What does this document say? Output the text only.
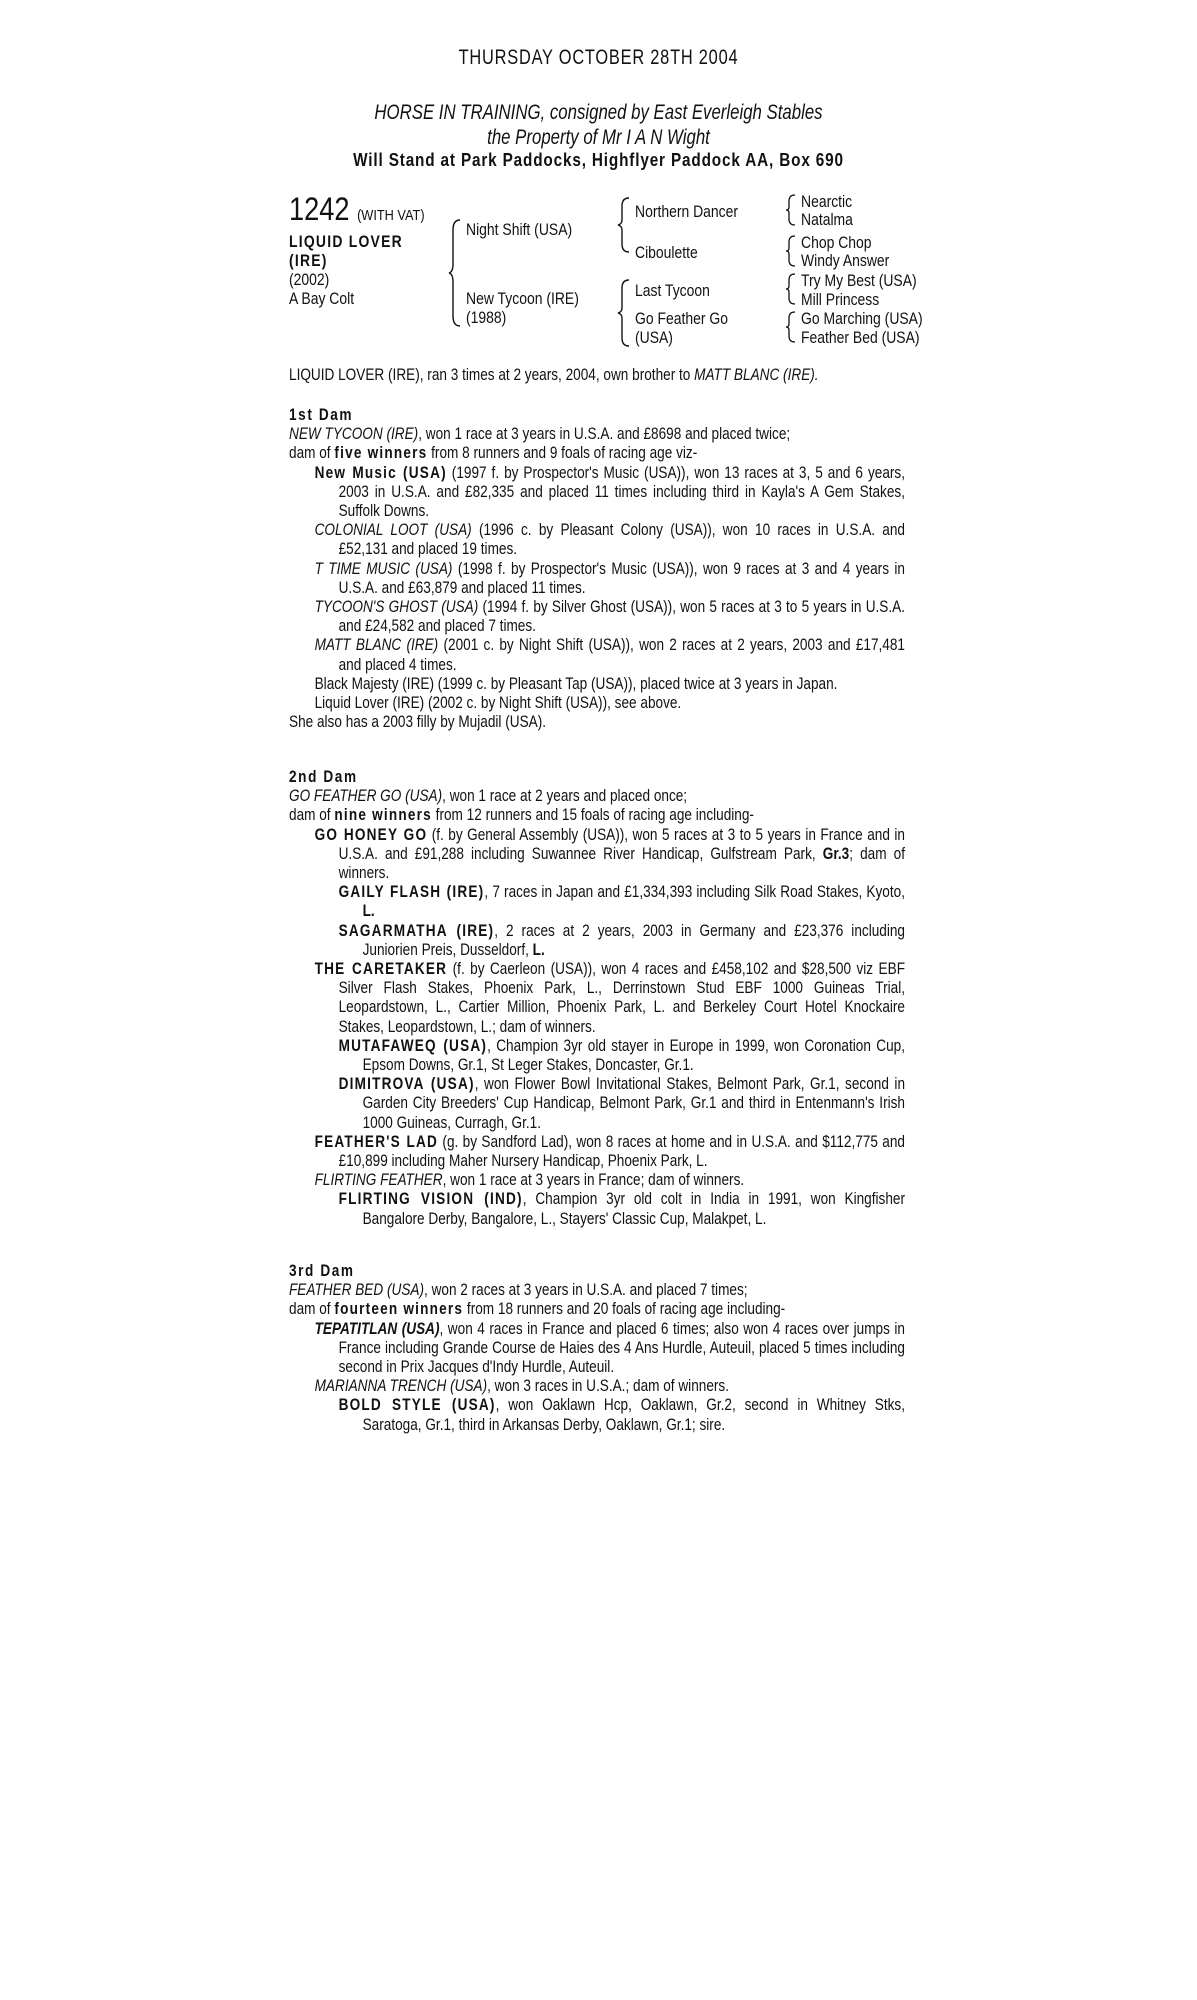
THURSDAY OCTOBER 28TH 2004
HORSE IN TRAINING, consigned by East Everleigh Stables
the Property of Mr I A N Wight
Will Stand at Park Paddocks, Highflyer Paddock AA, Box 690
1242 (WITH VAT)
LIQUID LOVER
(IRE)
(2002)
A Bay Colt
Night Shift (USA)
New Tycoon (IRE)
(1988)
Northern Dancer
Ciboulette
Last Tycoon
Go Feather Go
(USA)
Nearctic
Natalma
Chop Chop
Windy Answer
Try My Best (USA)
Mill Princess
Go Marching (USA)
Feather Bed (USA)
LIQUID LOVER (IRE), ran 3 times at 2 years, 2004, own brother to MATT BLANC (IRE).

1st Dam

NEW TYCOON (IRE), won 1 race at 3 years in U.S.A. and £8698 and placed twice;

dam of five winners from 8 runners and 9 foals of racing age viz-

New Music (USA) (1997 f. by Prospector's Music (USA)), won 13 races at 3, 5 and 6 years, 2003 in U.S.A. and £82,335 and placed 11 times including third in Kayla's A Gem Stakes, Suffolk Downs.

COLONIAL LOOT (USA) (1996 c. by Pleasant Colony (USA)), won 10 races in U.S.A. and £52,131 and placed 19 times.

T TIME MUSIC (USA) (1998 f. by Prospector's Music (USA)), won 9 races at 3 and 4 years in U.S.A. and £63,879 and placed 11 times.

TYCOON'S GHOST (USA) (1994 f. by Silver Ghost (USA)), won 5 races at 3 to 5 years in U.S.A. and £24,582 and placed 7 times.

MATT BLANC (IRE) (2001 c. by Night Shift (USA)), won 2 races at 2 years, 2003 and £17,481 and placed 4 times.

Black Majesty (IRE) (1999 c. by Pleasant Tap (USA)), placed twice at 3 years in Japan.

Liquid Lover (IRE) (2002 c. by Night Shift (USA)), see above.

She also has a 2003 filly by Mujadil (USA).

2nd Dam

GO FEATHER GO (USA), won 1 race at 2 years and placed once;

dam of nine winners from 12 runners and 15 foals of racing age including-

GO HONEY GO (f. by General Assembly (USA)), won 5 races at 3 to 5 years in France and in U.S.A. and £91,288 including Suwannee River Handicap, Gulfstream Park, Gr.3; dam of winners.

GAILY FLASH (IRE), 7 races in Japan and £1,334,393 including Silk Road Stakes, Kyoto, L.

SAGARMATHA (IRE), 2 races at 2 years, 2003 in Germany and £23,376 including Juniorien Preis, Dusseldorf, L.

THE CARETAKER (f. by Caerleon (USA)), won 4 races and £458,102 and $28,500 viz EBF Silver Flash Stakes, Phoenix Park, L., Derrinstown Stud EBF 1000 Guineas Trial, Leopardstown, L., Cartier Million, Phoenix Park, L. and Berkeley Court Hotel Knockaire Stakes, Leopardstown, L.; dam of winners.

MUTAFAWEQ (USA), Champion 3yr old stayer in Europe in 1999, won Coronation Cup, Epsom Downs, Gr.1, St Leger Stakes, Doncaster, Gr.1.

DIMITROVA (USA), won Flower Bowl Invitational Stakes, Belmont Park, Gr.1, second in Garden City Breeders' Cup Handicap, Belmont Park, Gr.1 and third in Entenmann's Irish 1000 Guineas, Curragh, Gr.1.

FEATHER'S LAD (g. by Sandford Lad), won 8 races at home and in U.S.A. and $112,775 and £10,899 including Maher Nursery Handicap, Phoenix Park, L.

FLIRTING FEATHER, won 1 race at 3 years in France; dam of winners.

FLIRTING VISION (IND), Champion 3yr old colt in India in 1991, won Kingfisher Bangalore Derby, Bangalore, L., Stayers' Classic Cup, Malakpet, L.

3rd Dam

FEATHER BED (USA), won 2 races at 3 years in U.S.A. and placed 7 times;

dam of fourteen winners from 18 runners and 20 foals of racing age including-

TEPATITLAN (USA), won 4 races in France and placed 6 times; also won 4 races over jumps in France including Grande Course de Haies des 4 Ans Hurdle, Auteuil, placed 5 times including second in Prix Jacques d'Indy Hurdle, Auteuil.

MARIANNA TRENCH (USA), won 3 races in U.S.A.; dam of winners.

BOLD STYLE (USA), won Oaklawn Hcp, Oaklawn, Gr.2, second in Whitney Stks, Saratoga, Gr.1, third in Arkansas Derby, Oaklawn, Gr.1; sire.
